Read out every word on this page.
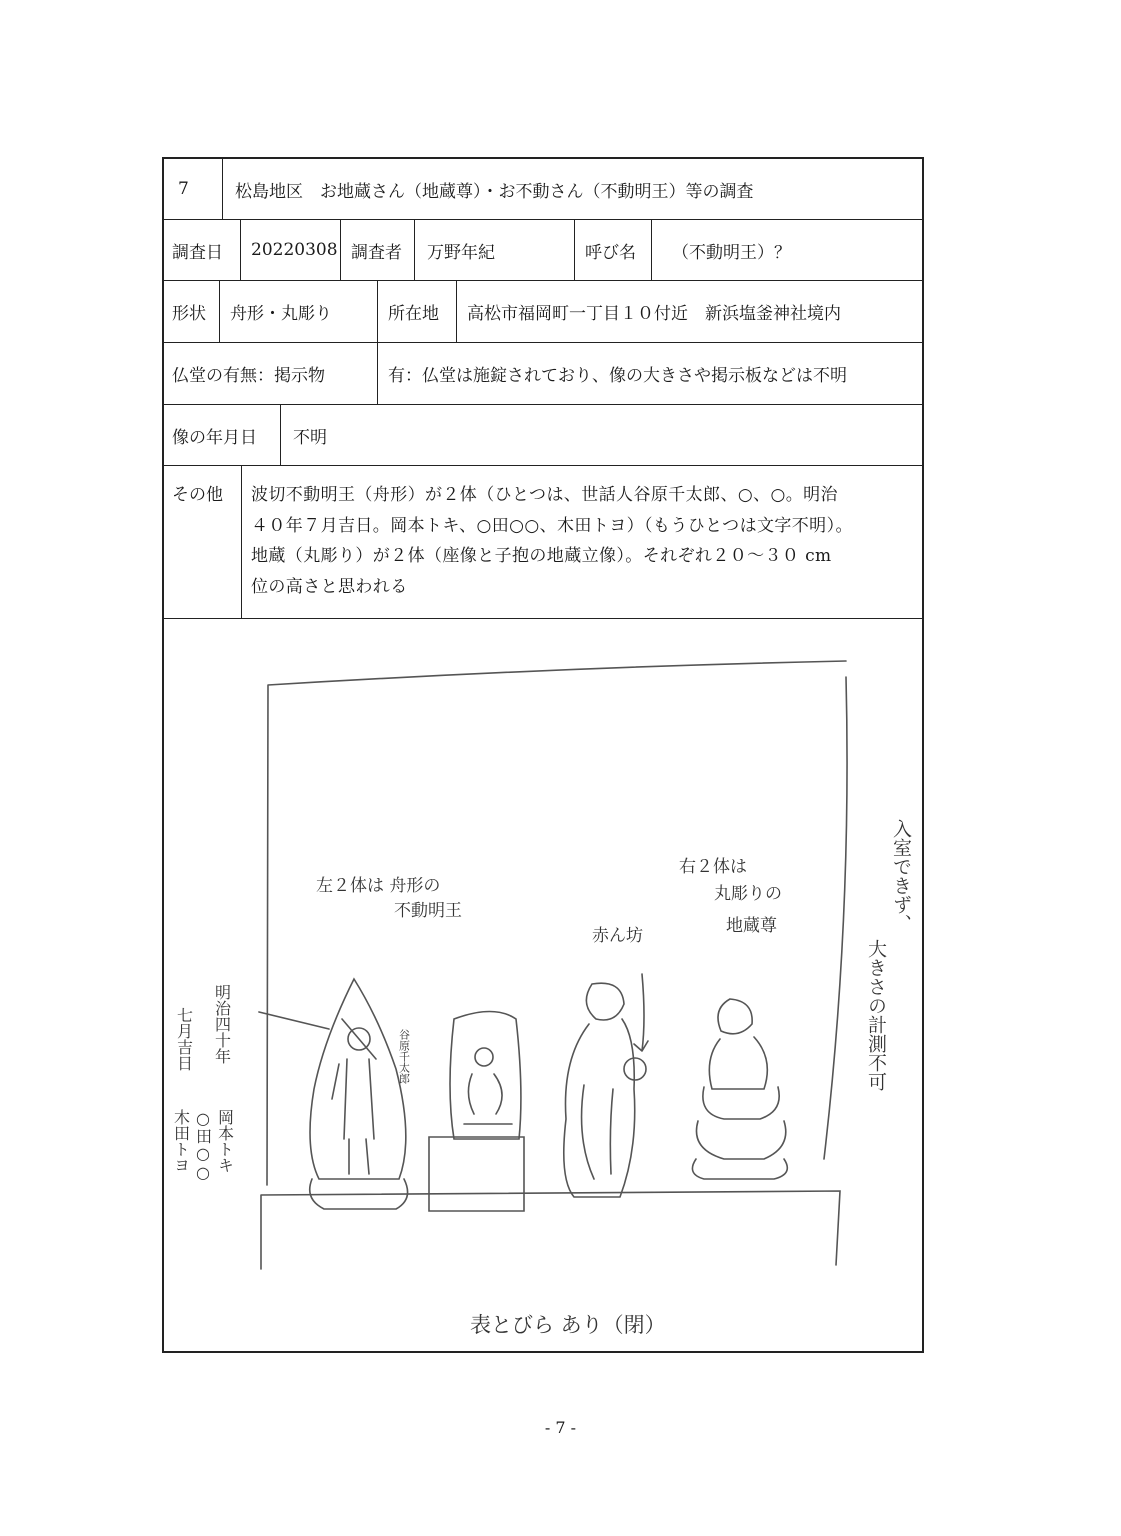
7	松島地区　お地蔵さん（地蔵尊）・お不動さん（不動明王）等の調査
調査日	20220308 調査者	万野年紀	呼び名	（不動明王）？
形状	舟形・丸彫り	所在地	高松市福岡町一丁目１０付近　新浜塩釜神社境内
仏堂の有無：掲示物	有：仏堂は施錠されており、像の大きさや掲示板などは不明
像の年月日	不明
その他	波切不動明王（舟形）が２体（ひとつは、世話人谷原千太郎、○、○。明治
４０年７月吉日。岡本トキ、○田○○、木田トヨ）（もうひとつは文字不明）。
地蔵（丸彫り）が２体（座像と子抱の地蔵立像）。それぞれ２０～３０ cm
位の高さと思われる
左２体は 舟形の
不動明王
右２体は
丸彫りの
地蔵尊
赤ん坊
谷原千太郎
明治四十年
七月吉日
岡本トキ
○田○○
木田トヨ
入室できず、
大きさの計測不可
表とびら あり（閉）
- 7 -
